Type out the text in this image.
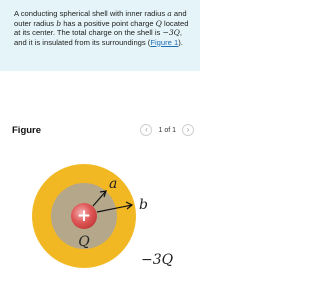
A conducting spherical shell with inner radius a and outer radius b has a positive point charge Q located at its center. The total charge on the shell is −3Q, and it is insulated from its surroundings (Figure 1).

Figure	‹ 1 of 1 ›
+
a
b
Q
−3Q
